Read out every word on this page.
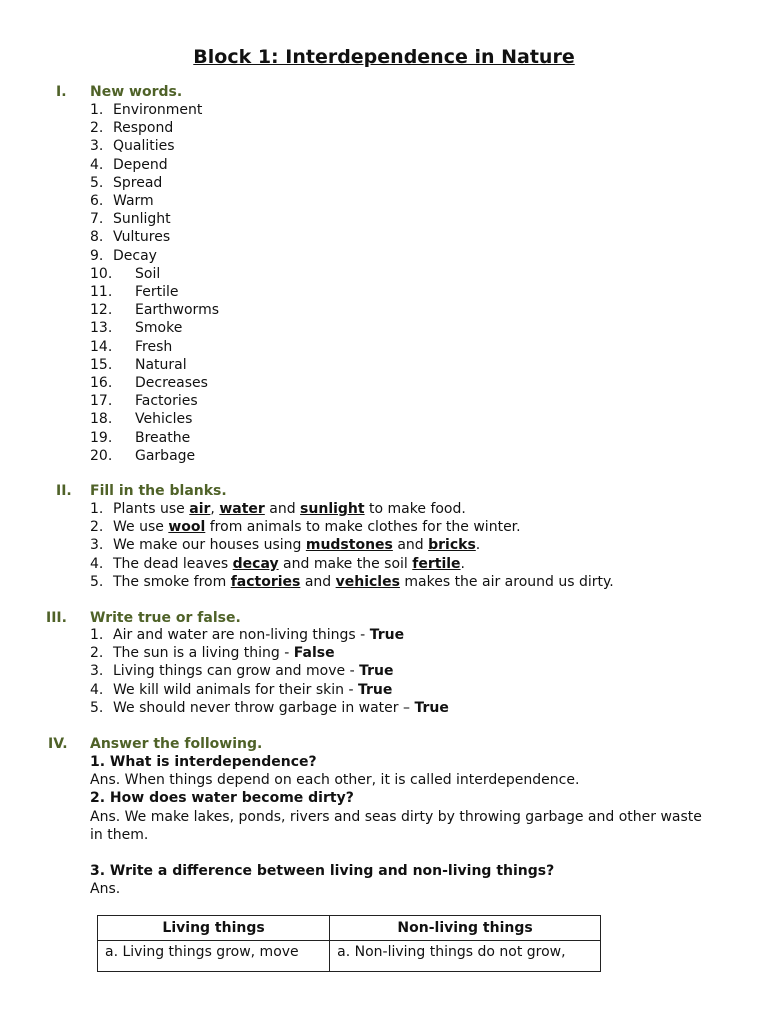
Block 1: Interdependence in Nature
I.	New words.
1. Environment
2. Respond
3. Qualities
4. Depend
5. Spread
6. Warm
7. Sunlight
8. Vultures
9. Decay
10. Soil
11. Fertile
12. Earthworms
13. Smoke
14. Fresh
15. Natural
16. Decreases
17. Factories
18. Vehicles
19. Breathe
20. Garbage
II.	Fill in the blanks.
1. Plants use air, water and sunlight to make food.
2. We use wool from animals to make clothes for the winter.
3. We make our houses using mudstones and bricks.
4. The dead leaves decay and make the soil fertile.
5. The smoke from factories and vehicles makes the air around us dirty.
III.	Write true or false.
1. Air and water are non-living things - True
2. The sun is a living thing - False
3. Living things can grow and move - True
4. We kill wild animals for their skin - True
5. We should never throw garbage in water – True
IV.	Answer the following.
1. What is interdependence?
Ans. When things depend on each other, it is called interdependence.
2. How does water become dirty?
Ans. We make lakes, ponds, rivers and seas dirty by throwing garbage and other waste in them.
3. Write a difference between living and non-living things?
Ans.
Living things	Non-living things
a. Living things grow, move	a. Non-living things do not grow,
